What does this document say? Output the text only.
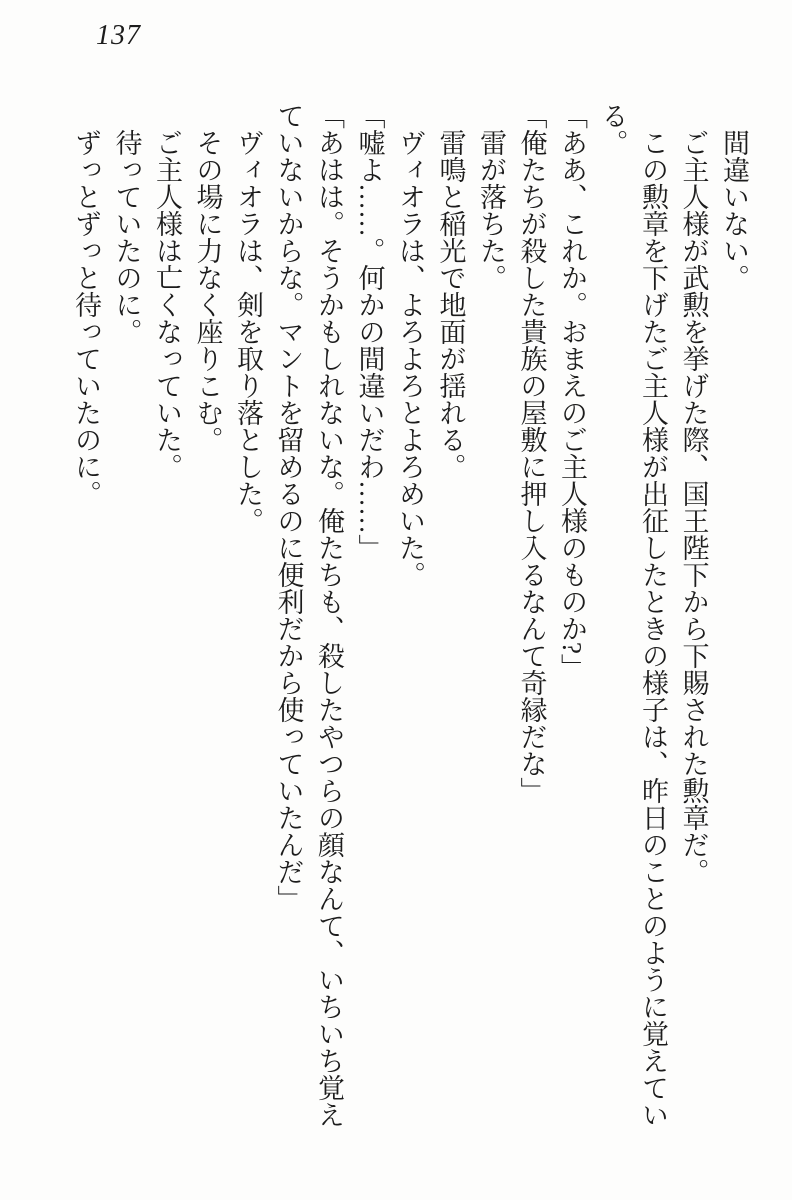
137

間違いない。

ご主人様が武勲を挙げた際、国王陛下から下賜された勲章だ。

この勲章を下げたご主人様が出征したときの様子は、昨日のことのように覚えてい

る。

「ああ、これか。おまえのご主人様のものか?」

「俺たちが殺した貴族の屋敷に押し入るなんて奇縁だな」

雷が落ちた。

雷鳴と稲光で地面が揺れる。

ヴィオラは、よろよろとよろめいた。

「嘘よ……。何かの間違いだわ……」

「あはは。そうかもしれないな。俺たちも、殺したやつらの顔なんて、いちいち覚え

ていないからな。マントを留めるのに便利だから使っていたんだ」

ヴィオラは、剣を取り落とした。

その場に力なく座りこむ。

ご主人様は亡くなっていた。

待っていたのに。

ずっとずっと待っていたのに。
